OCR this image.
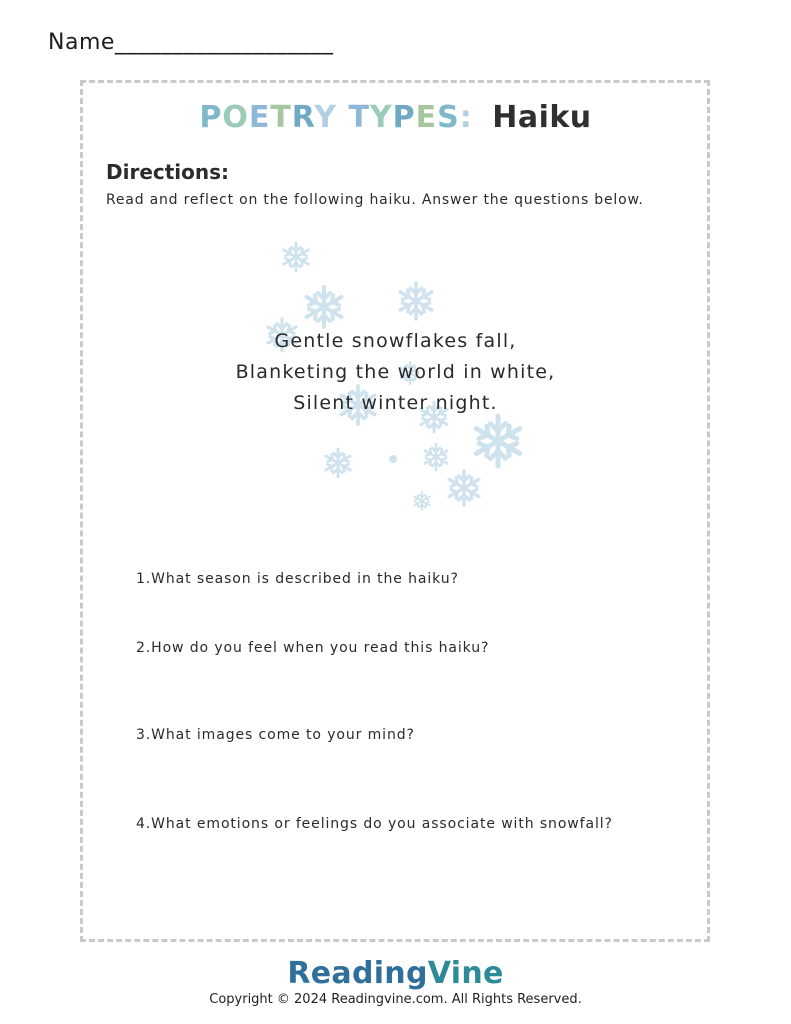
Name___________________
POETRY TYPES: Haiku
Directions:
Read and reflect on the following haiku. Answer the questions below.
Gentle snowflakes fall,
Blanketing the world in white,
Silent winter night.
1.What season is described in the haiku?
2.How do you feel when you read this haiku?
3.What images come to your mind?
4.What emotions or feelings do you associate with snowfall?
ReadingVine
Copyright © 2024 Readingvine.com. All Rights Reserved.
